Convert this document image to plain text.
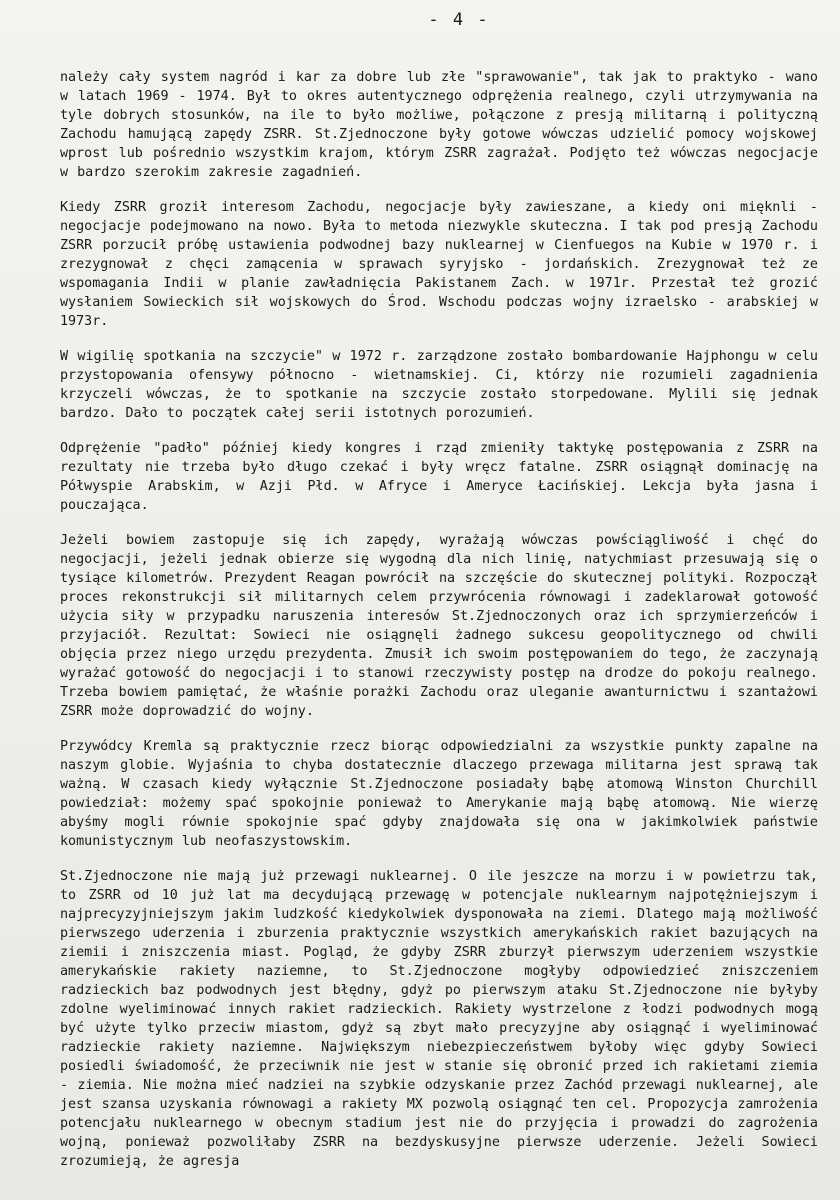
- 4 -

należy cały system nagród i kar za dobre lub złe "sprawowanie", tak jak to praktyko - wano w latach 1969 - 1974. Był to okres autentycznego odprężenia realnego, czyli utrzymywania na tyle dobrych stosunków, na ile to było możliwe, połączone z presją militarną i polityczną Zachodu hamującą zapędy ZSRR. St.Zjednoczone były gotowe wówczas udzielić pomocy wojskowej wprost lub pośrednio wszystkim krajom, którym ZSRR zagrażał. Podjęto też wówczas negocjacje w bardzo szerokim zakresie zagadnień.

Kiedy ZSRR groził interesom Zachodu, negocjacje były zawieszane, a kiedy oni mięknli - negocjacje podejmowano na nowo. Była to metoda niezwykle skuteczna. I tak pod presją Zachodu ZSRR porzucił próbę ustawienia podwodnej bazy nuklearnej w Cienfuegos na Kubie w 1970 r. i zrezygnował z chęci zamącenia w sprawach syryjsko - jordańskich. Zrezygnował też ze wspomagania Indii w planie zawładnięcia Pakistanem Zach. w 1971r. Przestał też grozić wysłaniem Sowieckich sił wojskowych do Środ. Wschodu podczas wojny izraelsko - arabskiej w 1973r.

W wigilię spotkania na szczycie" w 1972 r. zarządzone zostało bombardowanie Hajphongu w celu przystopowania ofensywy północno - wietnamskiej. Ci, którzy nie rozumieli zagadnienia krzyczeli wówczas, że to spotkanie na szczycie zostało storpedowane. Mylili się jednak bardzo. Dało to początek całej serii istotnych porozumień.

Odprężenie "padło" później kiedy kongres i rząd zmieniły taktykę postępowania z ZSRR na rezultaty nie trzeba było długo czekać i były wręcz fatalne. ZSRR osiągnął dominację na Półwyspie Arabskim, w Azji Płd. w Afryce i Ameryce Łacińskiej. Lekcja była jasna i pouczająca.

Jeżeli bowiem zastopuje się ich zapędy, wyrażają wówczas powściągliwość i chęć do negocjacji, jeżeli jednak obierze się wygodną dla nich linię, natychmiast przesuwają się o tysiące kilometrów. Prezydent Reagan powrócił na szczęście do skutecznej polityki. Rozpoczął proces rekonstrukcji sił militarnych celem przywrócenia równowagi i zadeklarował gotowość użycia siły w przypadku naruszenia interesów St.Zjednoczonych oraz ich sprzymierzeńców i przyjaciół. Rezultat: Sowieci nie osiągnęli żadnego sukcesu geopolitycznego od chwili objęcia przez niego urzędu prezydenta. Zmusił ich swoim postępowaniem do tego, że zaczynają wyrażać gotowość do negocjacji i to stanowi rzeczywisty postęp na drodze do pokoju realnego. Trzeba bowiem pamiętać, że właśnie porażki Zachodu oraz uleganie awanturnictwu i szantażowi ZSRR może doprowadzić do wojny.

Przywódcy Kremla są praktycznie rzecz biorąc odpowiedzialni za wszystkie punkty zapalne na naszym globie. Wyjaśnia to chyba dostatecznie dlaczego przewaga militarna jest sprawą tak ważną. W czasach kiedy wyłącznie St.Zjednoczone posiadały bąbę atomową Winston Churchill powiedział: możemy spać spokojnie ponieważ to Amerykanie mają bąbę atomową. Nie wierzę abyśmy mogli równie spokojnie spać gdyby znajdowała się ona w jakimkolwiek państwie komunistycznym lub neofaszystowskim.

St.Zjednoczone nie mają już przewagi nuklearnej. O ile jeszcze na morzu i w powietrzu tak, to ZSRR od 10 już lat ma decydującą przewagę w potencjale nuklearnym najpotężniejszym i najprecyzyjniejszym jakim ludzkość kiedykolwiek dysponowała na ziemi. Dlatego mają możliwość pierwszego uderzenia i zburzenia praktycznie wszystkich amerykańskich rakiet bazujących na ziemii i zniszczenia miast. Pogląd, że gdyby ZSRR zburzył pierwszym uderzeniem wszystkie amerykańskie rakiety naziemne, to St.Zjednoczone mogłyby odpowiedzieć zniszczeniem radzieckich baz podwodnych jest błędny, gdyż po pierwszym ataku St.Zjednoczone nie byłyby zdolne wyeliminować innych rakiet radzieckich. Rakiety wystrzelone z łodzi podwodnych mogą być użyte tylko przeciw miastom, gdyż są zbyt mało precyzyjne aby osiągnąć i wyeliminować radzieckie rakiety naziemne. Największym niebezpieczeństwem byłoby więc gdyby Sowieci posiedli świadomość, że przeciwnik nie jest w stanie się obronić przed ich rakietami ziemia - ziemia. Nie można mieć nadziei na szybkie odzyskanie przez Zachód przewagi nuklearnej, ale jest szansa uzyskania równowagi a rakiety MX pozwolą osiągnąć ten cel. Propozycja zamrożenia potencjału nuklearnego w obecnym stadium jest nie do przyjęcia i prowadzi do zagrożenia wojną, ponieważ pozwoliłaby ZSRR na bezdyskusyjne pierwsze uderzenie. Jeżeli Sowieci zrozumieją, że agresja
